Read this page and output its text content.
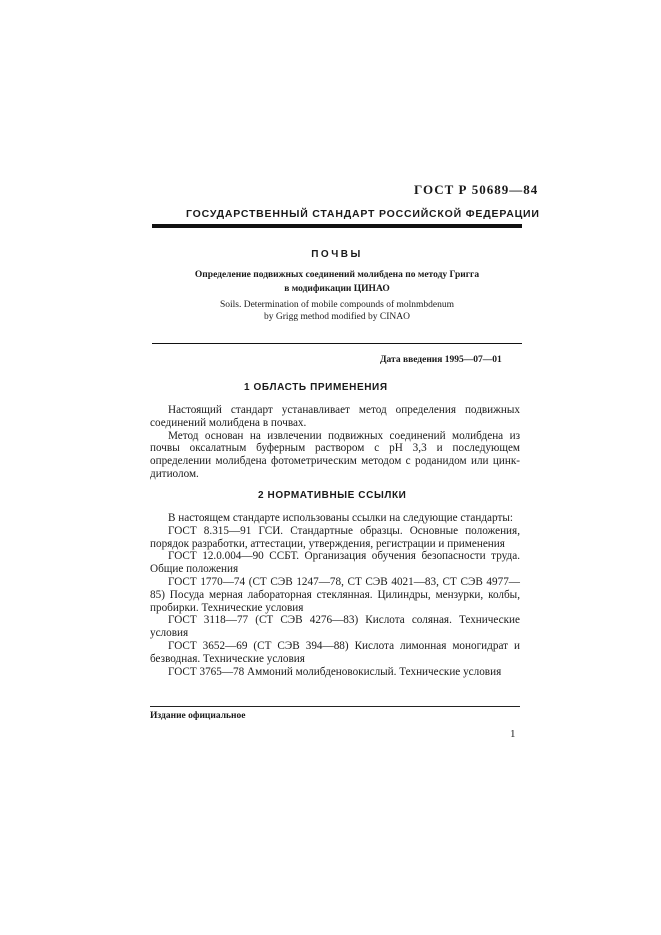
ГОСТ Р 50689—84
ГОСУДАРСТВЕННЫЙ СТАНДАРТ РОССИЙСКОЙ ФЕДЕРАЦИИ
ПОЧВЫ
Определение подвижных соединений молибдена по методу Григга
в модификации ЦИНАО
Soils. Determination of mobile compounds of molnmbdenum
by Grigg method modified by CINAO
Дата введения 1995—07—01
1 ОБЛАСТЬ ПРИМЕНЕНИЯ

Настоящий стандарт устанавливает метод определения подвижных соединений молибдена в почвах.

Метод основан на извлечении подвижных соединений молибдена из почвы оксалатным буферным раствором с рН 3,3 и последующем определении молибдена фотометрическим методом с роданидом или цинк-дитиолом.

2 НОРМАТИВНЫЕ ССЫЛКИ

В настоящем стандарте использованы ссылки на следующие стандарты:

ГОСТ 8.315—91 ГСИ. Стандартные образцы. Основные положения, порядок разработки, аттестации, утверждения, регистрации и применения

ГОСТ 12.0.004—90 ССБТ. Организация обучения безопасности труда. Общие положения

ГОСТ 1770—74 (СТ СЭВ 1247—78, СТ СЭВ 4021—83, СТ СЭВ 4977—85) Посуда мерная лабораторная стеклянная. Цилиндры, мензурки, колбы, пробирки. Технические условия

ГОСТ 3118—77 (СТ СЭВ 4276—83) Кислота соляная. Технические условия

ГОСТ 3652—69 (СТ СЭВ 394—88) Кислота лимонная моногидрат и безводная. Технические условия

ГОСТ 3765—78 Аммоний молибденовокислый. Технические условия

Издание официальное
1
